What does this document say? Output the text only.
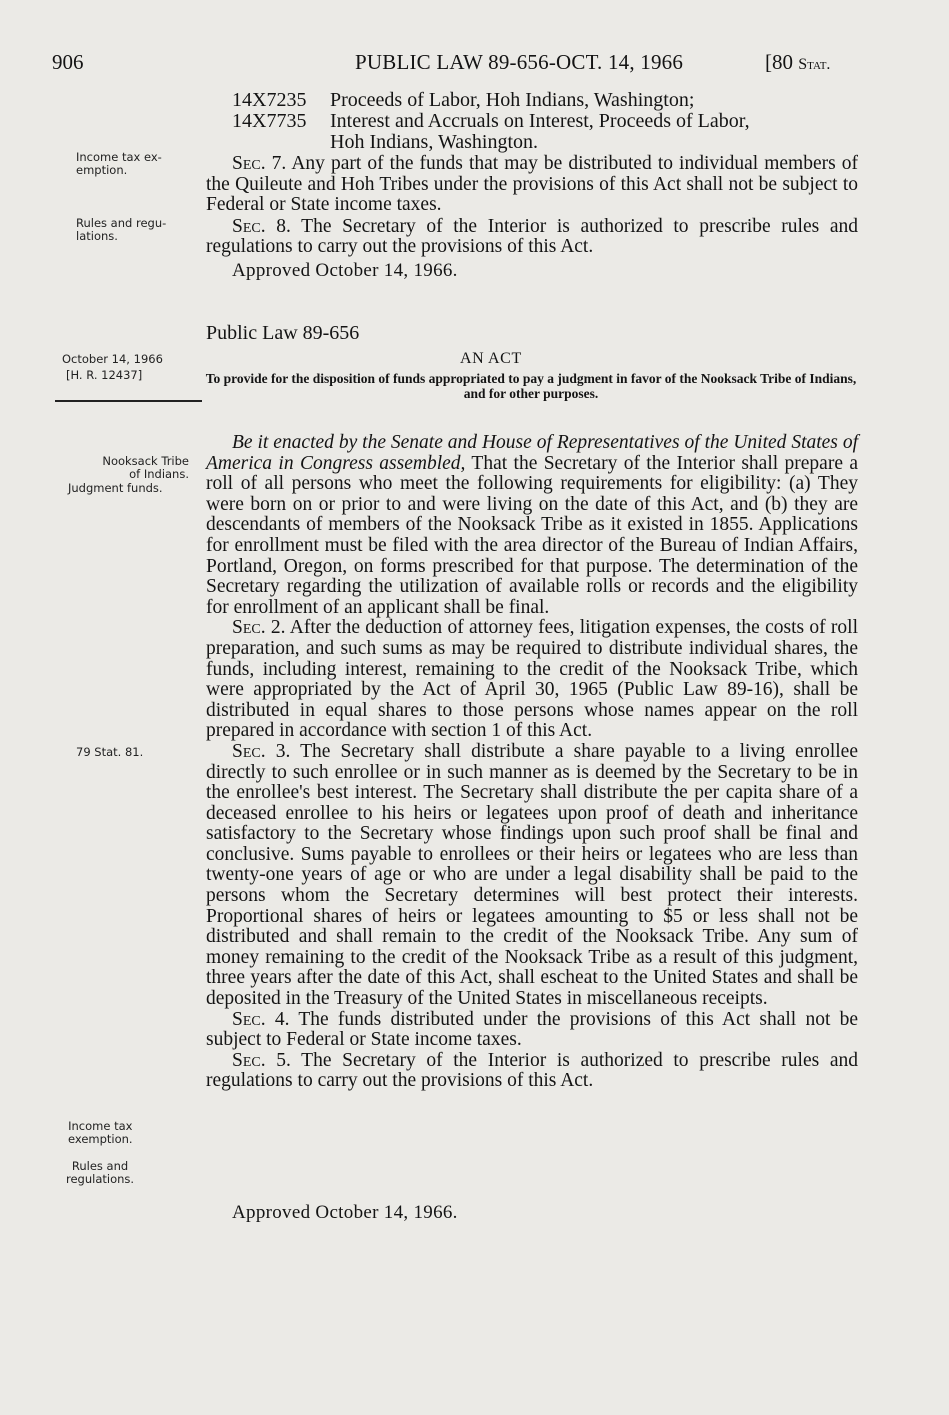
906	PUBLIC LAW 89-656-OCT. 14, 1966	[80 Stat.
14X7235	Proceeds of Labor, Hoh Indians, Washington;
14X7735	Interest and Accruals on Interest, Proceeds of Labor,
Hoh Indians, Washington.

Sec. 7. Any part of the funds that may be distributed to individual members of the Quileute and Hoh Tribes under the provisions of this Act shall not be subject to Federal or State income taxes.

Sec. 8. The Secretary of the Interior is authorized to prescribe rules and regulations to carry out the provisions of this Act.

Approved October 14, 1966.
Income tax ex-
emption.
Rules and regu-
lations.
October 14, 1966
[H. R. 12437]
Nooksack Tribe
of Indians.
Judgment funds.
79 Stat. 81.
Income tax
exemption.
Rules and
regulations.
Public Law 89-656
AN ACT
To provide for the disposition of funds appropriated to pay a judgment in favor of the Nooksack Tribe of Indians, and for other purposes.

Be it enacted by the Senate and House of Representatives of the United States of America in Congress assembled, That the Secretary of the Interior shall prepare a roll of all persons who meet the following requirements for eligibility: (a) They were born on or prior to and were living on the date of this Act, and (b) they are descendants of members of the Nooksack Tribe as it existed in 1855. Applications for enrollment must be filed with the area director of the Bureau of Indian Affairs, Portland, Oregon, on forms prescribed for that purpose. The determination of the Secretary regarding the utilization of available rolls or records and the eligibility for enrollment of an applicant shall be final.

Sec. 2. After the deduction of attorney fees, litigation expenses, the costs of roll preparation, and such sums as may be required to distribute individual shares, the funds, including interest, remaining to the credit of the Nooksack Tribe, which were appropriated by the Act of April 30, 1965 (Public Law 89-16), shall be distributed in equal shares to those persons whose names appear on the roll prepared in accordance with section 1 of this Act.

Sec. 3. The Secretary shall distribute a share payable to a living enrollee directly to such enrollee or in such manner as is deemed by the Secretary to be in the enrollee's best interest. The Secretary shall distribute the per capita share of a deceased enrollee to his heirs or legatees upon proof of death and inheritance satisfactory to the Secretary whose findings upon such proof shall be final and conclusive. Sums payable to enrollees or their heirs or legatees who are less than twenty-one years of age or who are under a legal disability shall be paid to the persons whom the Secretary determines will best protect their interests. Proportional shares of heirs or legatees amounting to $5 or less shall not be distributed and shall remain to the credit of the Nooksack Tribe. Any sum of money remaining to the credit of the Nooksack Tribe as a result of this judgment, three years after the date of this Act, shall escheat to the United States and shall be deposited in the Treasury of the United States in miscellaneous receipts.

Sec. 4. The funds distributed under the provisions of this Act shall not be subject to Federal or State income taxes.

Sec. 5. The Secretary of the Interior is authorized to prescribe rules and regulations to carry out the provisions of this Act.

Approved October 14, 1966.
